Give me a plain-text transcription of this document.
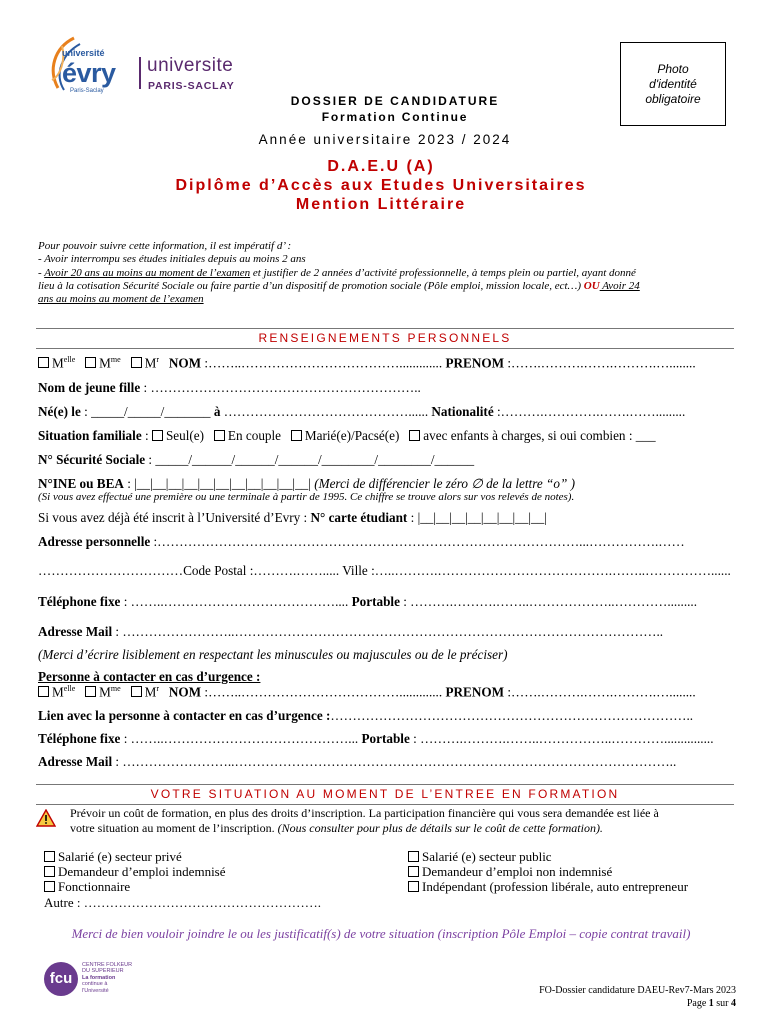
université
évry
Paris-Saclay
universite
PARIS-SACLAY
Photo
d'identité
obligatoire
DOSSIER DE CANDIDATURE
Formation Continue
Année universitaire 2023 / 2024
D.A.E.U (A)
Diplôme d’Accès aux Etudes Universitaires
Mention Littéraire
Pour pouvoir suivre cette information, il est impératif d’ :
- Avoir interrompu ses études initiales depuis au moins 2 ans
- Avoir 20 ans au moins au moment de l’examen et justifier de 2 années d’activité professionnelle, à temps plein ou partiel, ayant donné
lieu à la cotisation Sécurité Sociale ou faire partie d’un dispositif de promotion sociale (Pôle emploi, mission locale, ect…) OU Avoir 24
ans au moins au moment de l’examen
RENSEIGNEMENTS PERSONNELS
$M^{elle}$ $M^{me}$ $M^r$ NOM :……..………………………………............. PRENOM :…….……….…….……….…........
Nom de jeune fille : ……………………………………………………..
Né(e) le : _____/_____/_______ à ……………………………………...... Nationalité :……….………….…….…….........
Situation familiale : Seul(e) En couple Marié(e)/Pacsé(e) avec enfants à charges, si oui combien : ___
N° Sécurité Sociale : _____/______/______/______/________/________/______
N°INE ou BEA : |__|__|__|__|__|__|__|__|__|__|__| (Merci de différencier le zéro ∅ de la lettre “o” )
(Si vous avez effectué une première ou une terminale à partir de 1995. Ce chiffre se trouve alors sur vos relevés de notes).
Si vous avez déjà été inscrit à l’Université d’Evry : N° carte étudiant : |__|__|__|__|__|__|__|__|
Adresse personnelle :……………………………………………………………………………………...…………….……
……………………………Code Postal :……….……..... Ville :…..……….………………………………….……..……………......
Téléphone fixe : ……..………………………………….... Portable : ……….……….……..………………..………….........
Adresse Mail : ……………………..……………………………………………………………………………………..
(Merci d’écrire lisiblement en respectant les minuscules ou majuscules ou de le préciser)
Personne à contacter en cas d’urgence :
$M^{elle}$ $M^{me}$ $M^r$ NOM :……..………………………………............. PRENOM :…….……….…….……….…........
Lien avec la personne à contacter en cas d’urgence :………………………………………………………………………..
Téléphone fixe : ……..……………………………………... Portable : ……….……….……..……………..…………...............
Adresse Mail : ……………………..………………………………………………………………………………………..
VOTRE SITUATION AU MOMENT DE L’ENTREE EN FORMATION
Prévoir un coût de formation, en plus des droits d’inscription. La participation financière qui vous sera demandée est liée à
votre situation au moment de l’inscription. (Nous consulter pour plus de détails sur le coût de cette formation).
Salarié (e) secteur privé
Demandeur d’emploi indemnisé
Fonctionnaire
Salarié (e) secteur public
Demandeur d’emploi non indemnisé
Indépendant (profession libérale, auto entrepreneur
Autre : ……………………………………………….
Merci de bien vouloir joindre le ou les justificatif(s) de votre situation (inscription Pôle Emploi – copie contrat travail)
fcu
CENTRE FOLKEUR
DU SUPERIEUR
La formation
continue à
l'Université	FO-Dossier candidature DAEU-Rev7-Mars 2023
Page 1 sur 4
